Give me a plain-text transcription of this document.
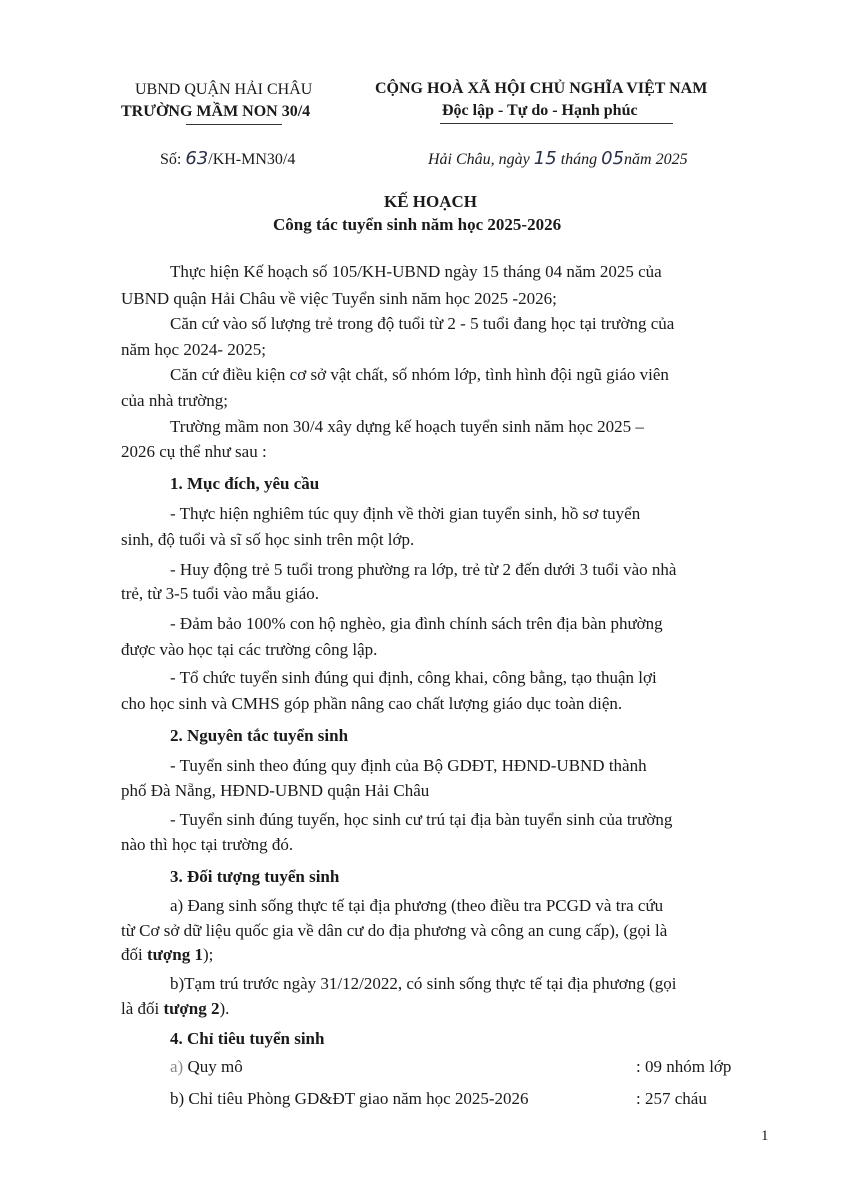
UBND QUẬN HẢI CHÂU
TRƯỜNG MẦM NON 30/4
CỘNG HOÀ XÃ HỘI CHỦ NGHĨA VIỆT NAM
Độc lập - Tự do - Hạnh phúc
Số: 63/KH-MN30/4	Hải Châu, ngày 15 tháng 05năm 2025
KẾ HOẠCH
Công tác tuyển sinh năm học 2025-2026
Thực hiện Kế hoạch số 105/KH-UBND ngày 15 tháng 04 năm 2025 của
UBND quận Hải Châu về việc Tuyển sinh năm học 2025 -2026;
Căn cứ vào số lượng trẻ trong độ tuổi từ 2 - 5 tuổi đang học tại trường của
năm học 2024- 2025;
Căn cứ điều kiện cơ sở vật chất, số nhóm lớp, tình hình đội ngũ giáo viên
của nhà trường;
Trường mầm non 30/4 xây dựng kế hoạch tuyển sinh năm học 2025 –
2026 cụ thể như sau :
1. Mục đích, yêu cầu
- Thực hiện nghiêm túc quy định về thời gian tuyển sinh, hồ sơ tuyển
sinh, độ tuổi và sĩ số học sinh trên một lớp.
- Huy động trẻ 5 tuổi trong phường ra lớp, trẻ từ 2 đến dưới 3 tuổi vào nhà
trẻ, từ 3-5 tuổi vào mẫu giáo.
- Đảm bảo 100% con hộ nghèo, gia đình chính sách trên địa bàn phường
được vào học tại các trường công lập.
- Tổ chức tuyển sinh đúng qui định, công khai, công bằng, tạo thuận lợi
cho học sinh và CMHS góp phần nâng cao chất lượng giáo dục toàn diện.
2. Nguyên tắc tuyển sinh
- Tuyển sinh theo đúng quy định của Bộ GDĐT, HĐND-UBND thành
phố Đà Nẵng, HĐND-UBND quận Hải Châu
- Tuyển sinh đúng tuyến, học sinh cư trú tại địa bàn tuyển sinh của trường
nào thì học tại trường đó.
3. Đối tượng tuyển sinh
a) Đang sinh sống thực tế tại địa phương (theo điều tra PCGD và tra cứu
từ Cơ sở dữ liệu quốc gia về dân cư do địa phương và công an cung cấp), (gọi là
đối tượng 1);
b)Tạm trú trước ngày 31/12/2022, có sinh sống thực tế tại địa phương (gọi
là đối tượng 2).
4. Chỉ tiêu tuyển sinh
a) Quy mô	: 09 nhóm lớp
b) Chỉ tiêu Phòng GD&ĐT giao năm học 2025-2026	: 257 cháu
1
